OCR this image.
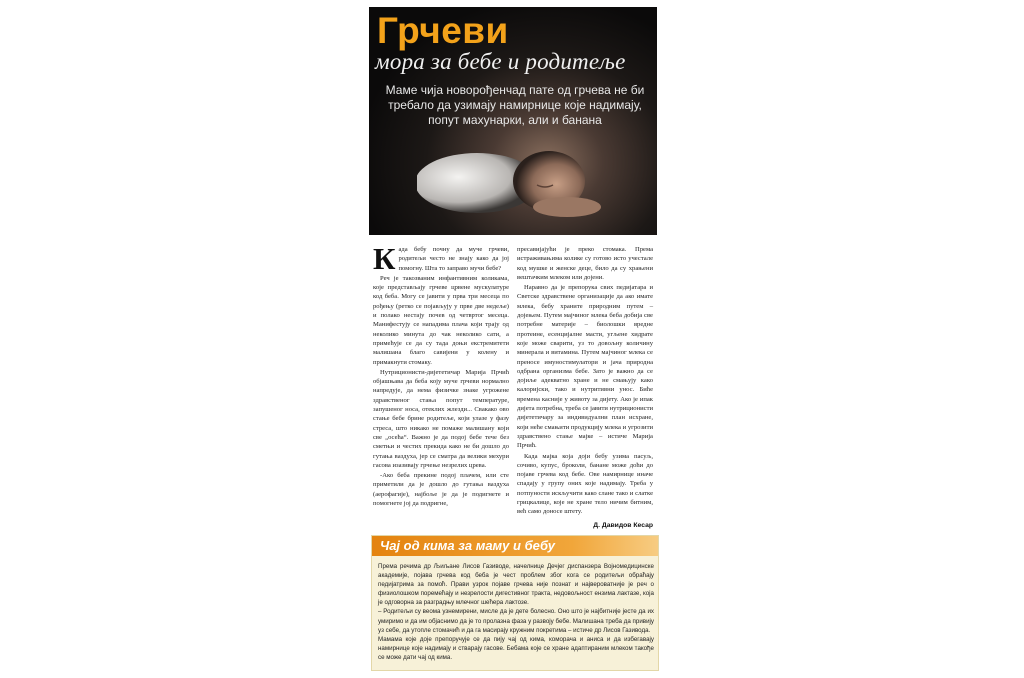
Грчеви
мора за бебе и родитеље
Маме чија новорођенчад пате од грчева не би требало да узимају намирнице које надимају, попут махунарки, али и банана

Када бебу почну да муче грчеви, родитељи често не знају како да јој помогну. Шта то заправо мучи бебе?

Реч је такозваним инфантивним коликама, које представљају грчеве црвене мускулатуре код беба. Могу се јавити у прва три месеца по рођењу (ретко се појављују у прве две недеље) и полако нестају почев од четвртог месеца. Манифестују се нападима плача који трају од неколико минута до чак неколико сати, а примећује се да су тада доњи екстремитети малишана благо савијени у колену и примакнути стомаку.

Нутриционисти-дијететичар Марија Прчић објашњава да беба коју муче грчеви нормално напредује, да нема физичке знаке угрожене здравственог стања попут температуре, запушеног носа, отеклих жлезди... Свакако ово стање бебе брине родитеље, који улазе у фазу стреса, што никако не помаже малишану који све „осећа“. Важно је да подој бебе тече без сметњи и честих прекида како не би дошло до гутања ваздуха, јер се сматра да велики мехури гасова изазивају грчење незрелих црева.

-Ако беба прекине подој плачем, или сте приметили да је дошло до гутања ваздуха (аерофагије), најбоље је да је подигнете и помогнете јој да подригне,

пресавијајући је преко стомака. Према истраживањима колике су готово исто учестале код мушке и женске деце, било да су храњени вештачким млеком или дојени.

Наравно да је препорука свих педијатара и Светске здравствене организације да ако имате млека, бебу храните природним путем – дојењем. Путем мајчиног млека беба добија све потребне материје – биолошки вредне протеине, есенцијалне масти, угљене хидрате које може сварити, уз то довољну количину минерала и витамина. Путем мајчиног млека се преносе имуностимулатори и јача природна одбрана организма бебе. Зато је важно да се дојиље адекватно хране и не смањују како калоријски, тако и нутритивни унос. Бићe времена касније у животу за дијету. Ако је ипак дијета потребна, треба се јавити нутриционисти дијететичару за индивидуални план исхране, који неће смањити продукцију млека и угрозити здравствено стање мајке – истиче Марија Прчић.

Када мајка која доји бебу узима пасуљ, сочиво, купус, броколи, банане може доћи до појаве грчева код бебе. Ове намирнице иначе спадају у групу оних које надимају. Треба у потпуности искључити како слане тако и слатке грицкалице, које не хране тело ничим битним, већ само доносе штету.

Д. Давидов Кесар
Чај од кима за маму и бебу

Према речима др Љиљане Лисов Газиводе, начелнице Дечјег диспанзера Војномедицинске академије, појава грчева код беба је чест проблем због кога се родитељи обраћају педијатрима за помоћ. Прави узрок појаве грчева није познат и највероватније је реч о физиолошком поремећају и незрелости дигестивног тракта, недовољност ензима лактазе, која је одговорна за разградњу млечног шећера лактозе.

– Родитељи су веома узнемирени, мисле да је дете болесно. Оно што је најбитније јесте да их умиримо и да им објаснимо да је то пролазна фаза у развоју бебе. Малишана треба да привију уз себе, да утопле стомачић и да га масирају кружним покретима – истиче др Лисов Газивода.

Мамама које доје препоручује се да пију чај од кима, коморача и аниса и да избегавају намирнице које надимају и стварају гасове. Бебама које се хране адаптираним млеком такође се може дати чај од кима.
